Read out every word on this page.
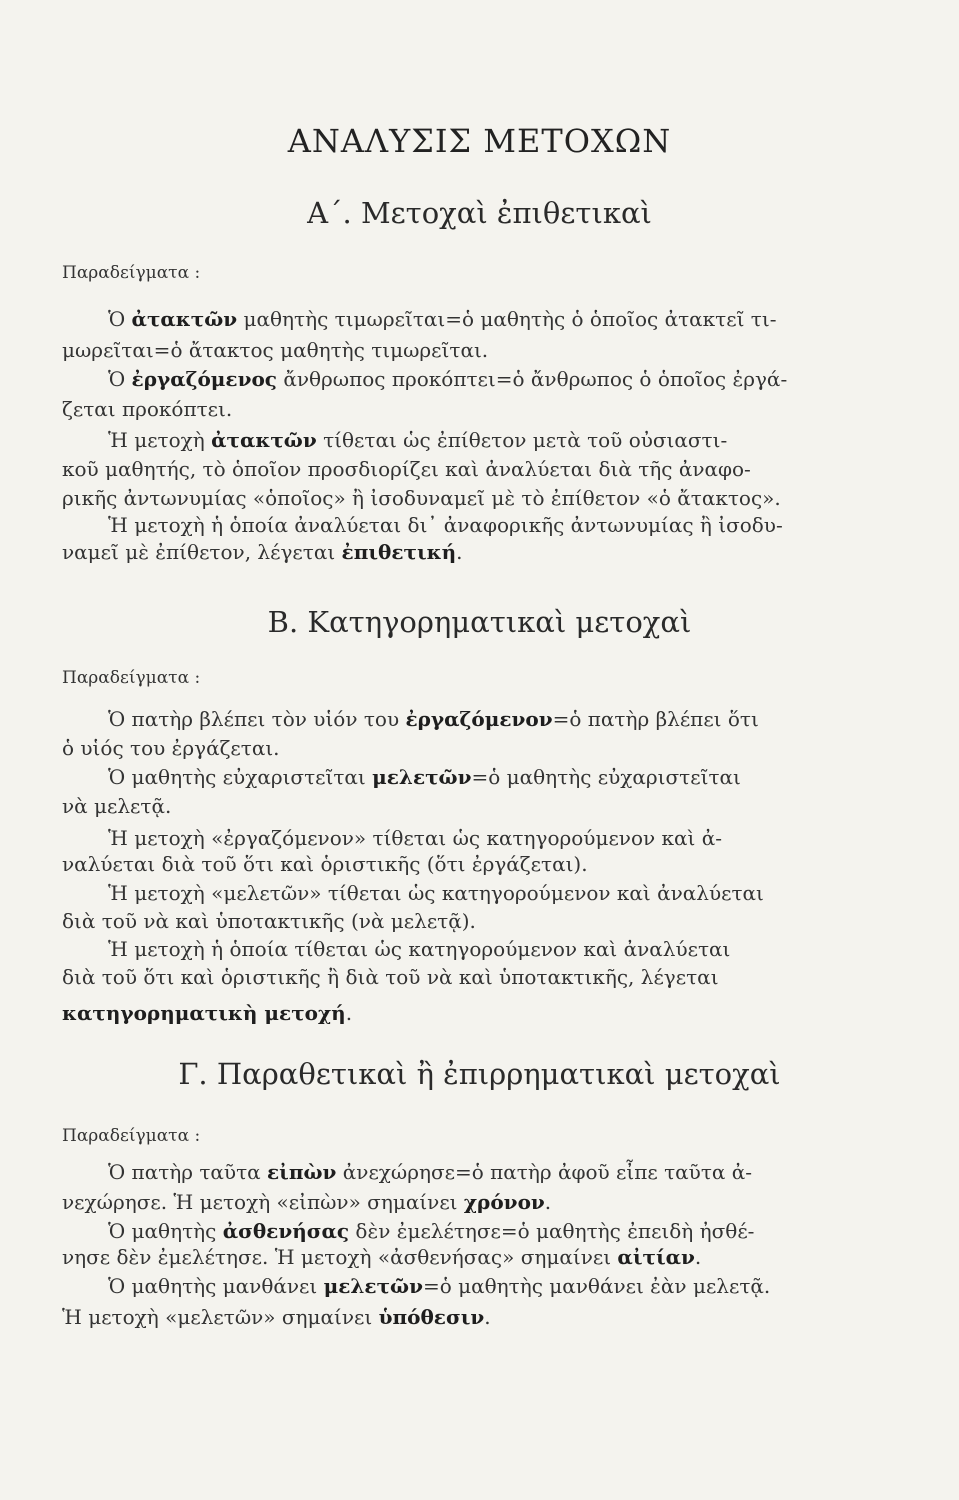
ΑΝΑΛΥΣΙΣ ΜΕΤΟΧΩΝ
Α΄. Μετοχαὶ ἐπιθετικαὶ
Παραδείγματα :
Ὁ ἀτακτῶν μαθητὴς τιμωρεῖται=ὁ μαθητὴς ὁ ὁποῖος ἀτακτεῖ τι-
μωρεῖται=ὁ ἄτακτος μαθητὴς τιμωρεῖται.
Ὁ ἐργαζόμενος ἄνθρωπος προκόπτει=ὁ ἄνθρωπος ὁ ὁποῖος ἐργά-
ζεται προκόπτει.
Ἡ μετοχὴ ἀτακτῶν τίθεται ὡς ἐπίθετον μετὰ τοῦ οὐσιαστι-
κοῦ μαθητής, τὸ ὁποῖον προσδιορίζει καὶ ἀναλύεται διὰ τῆς ἀναφο-
ρικῆς ἀντωνυμίας «ὁποῖος» ἢ ἰσοδυναμεῖ μὲ τὸ ἐπίθετον «ὁ ἄτακτος».
Ἡ μετοχὴ ἡ ὁποία ἀναλύεται δι᾿ ἀναφορικῆς ἀντωνυμίας ἢ ἰσοδυ-
ναμεῖ μὲ ἐπίθετον, λέγεται ἐπιθετική.
Β. Κατηγορηματικαὶ μετοχαὶ
Παραδείγματα :
Ὁ πατὴρ βλέπει τὸν υἱόν του ἐργαζόμενον=ὁ πατὴρ βλέπει ὅτι
ὁ υἱός του ἐργάζεται.
Ὁ μαθητὴς εὐχαριστεῖται μελετῶν=ὁ μαθητὴς εὐχαριστεῖται
νὰ μελετᾷ.
Ἡ μετοχὴ «ἐργαζόμενον» τίθεται ὡς κατηγορούμενον καὶ ἀ-
ναλύεται διὰ τοῦ ὅτι καὶ ὁριστικῆς (ὅτι ἐργάζεται).
Ἡ μετοχὴ «μελετῶν» τίθεται ὡς κατηγορούμενον καὶ ἀναλύεται
διὰ τοῦ νὰ καὶ ὑποτακτικῆς (νὰ μελετᾷ).
Ἡ μετοχὴ ἡ ὁποία τίθεται ὡς κατηγορούμενον καὶ ἀναλύεται
διὰ τοῦ ὅτι καὶ ὁριστικῆς ἢ διὰ τοῦ νὰ καὶ ὑποτακτικῆς, λέγεται
κατηγορηματικὴ μετοχή.
Γ. Παραθετικαὶ ἢ ἐπιρρηματικαὶ μετοχαὶ
Παραδείγματα :
Ὁ πατὴρ ταῦτα εἰπὼν ἀνεχώρησε=ὁ πατὴρ ἀφοῦ εἶπε ταῦτα ἀ-
νεχώρησε. Ἡ μετοχὴ «εἰπὼν» σημαίνει χρόνον.
Ὁ μαθητὴς ἀσθενήσας δὲν ἐμελέτησε=ὁ μαθητὴς ἐπειδὴ ἠσθέ-
νησε δὲν ἐμελέτησε. Ἡ μετοχὴ «ἀσθενήσας» σημαίνει αἰτίαν.
Ὁ μαθητὴς μανθάνει μελετῶν=ὁ μαθητὴς μανθάνει ἐὰν μελετᾷ.
Ἡ μετοχὴ «μελετῶν» σημαίνει ὑπόθεσιν.
